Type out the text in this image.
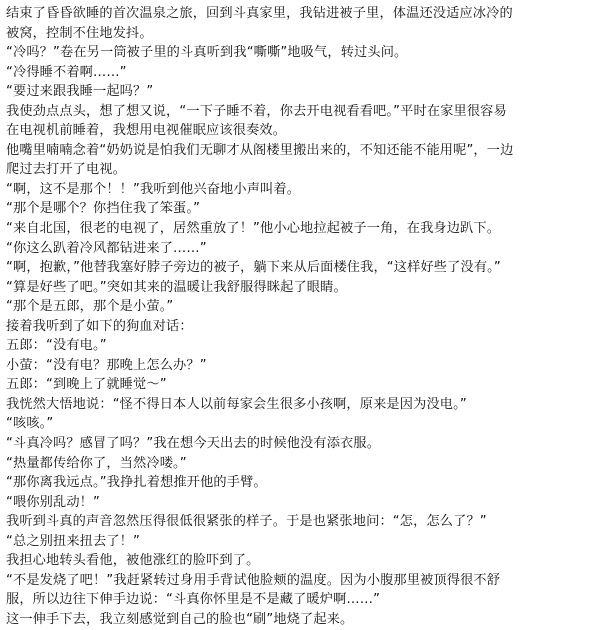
结束了昏昏欲睡的首次温泉之旅，回到斗真家里，我钻进被子里，体温还没适应冰冷的
被窝，控制不住地发抖。
“冷吗？”卷在另一筒被子里的斗真听到我“嘶嘶”地吸气，转过头问。
“冷得睡不着啊……”
“要过来跟我睡一起吗？”
我使劲点点头，想了想又说，“一下子睡不着，你去开电视看看吧。”平时在家里很容易
在电视机前睡着，我想用电视催眠应该很奏效。
他嘴里喃喃念着“奶奶说是怕我们无聊才从阁楼里搬出来的，不知还能不能用呢”，一边
爬过去打开了电视。
“啊，这不是那个！！”我听到他兴奋地小声叫着。
“那个是哪个？你挡住我了笨蛋。”
“来自北国，很老的电视了，居然重放了！”他小心地拉起被子一角，在我身边趴下。
“你这么趴着冷风都钻进来了……”
“啊，抱歉，”他替我塞好脖子旁边的被子，躺下来从后面楼住我，“这样好些了没有。”
“算是好些了吧。”突如其来的温暖让我舒服得眯起了眼睛。
“那个是五郎，那个是小萤。”
接着我听到了如下的狗血对话：
五郎：“没有电。”
小萤：“没有电？那晚上怎么办？”
五郎：“到晚上了就睡觉～”
我恍然大悟地说：“怪不得日本人以前每家会生很多小孩啊，原来是因为没电。”
“咳咳。”
“斗真冷吗？感冒了吗？”我在想今天出去的时候他没有添衣服。
“热量都传给你了，当然冷喽。”
“那你离我远点。”我挣扎着想推开他的手臂。
“喂你别乱动！”
我听到斗真的声音忽然压得很低很紧张的样子。于是也紧张地问：“怎，怎么了？”
“总之别扭来扭去了！”
我担心地转头看他，被他涨红的脸吓到了。
“不是发烧了吧！”我赶紧转过身用手背试他脸颊的温度。因为小腹那里被顶得很不舒
服，所以边往下伸手边说：“斗真你怀里是不是藏了暖炉啊……”
这一伸手下去，我立刻感觉到自己的脸也“刷”地烧了起来。
